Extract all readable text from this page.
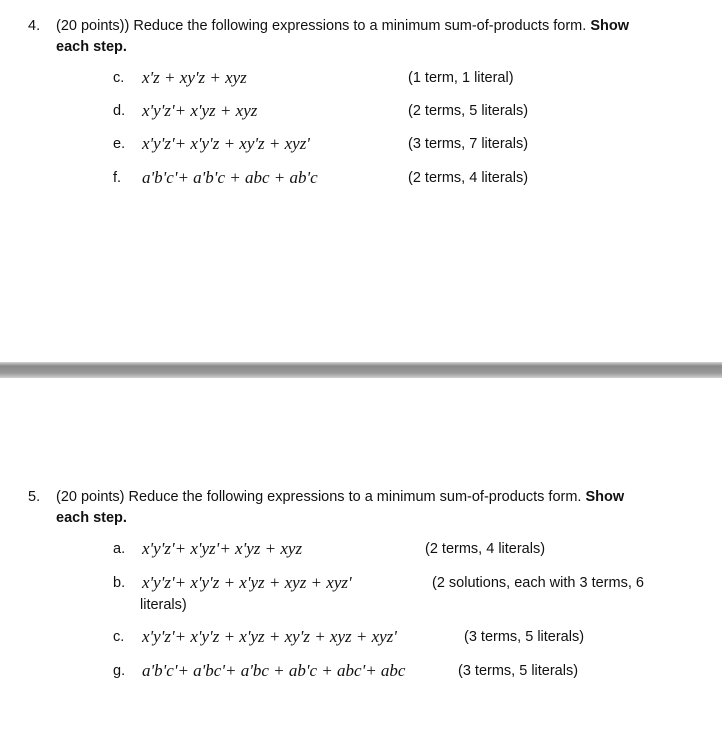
4. (20 points)) Reduce the following expressions to a minimum sum-of-products form. Show
each step.
c. x'z + xy'z + xyz	(1 term, 1 literal)
d. x'y'z'+ x'yz + xyz	(2 terms, 5 literals)
e. x'y'z'+ x'y'z + xy'z + xyz'	(3 terms, 7 literals)
f. a'b'c'+ a'b'c + abc + ab'c	(2 terms, 4 literals)
5. (20 points) Reduce the following expressions to a minimum sum-of-products form. Show
each step.
a. x'y'z'+ x'yz'+ x'yz + xyz	(2 terms, 4 literals)
b. x'y'z'+ x'y'z + x'yz + xyz + xyz'	(2 solutions, each with 3 terms, 6
literals)
c. x'y'z'+ x'y'z + x'yz + xy'z + xyz + xyz'	(3 terms, 5 literals)
g. a'b'c'+ a'bc'+ a'bc + ab'c + abc'+ abc	(3 terms, 5 literals)
